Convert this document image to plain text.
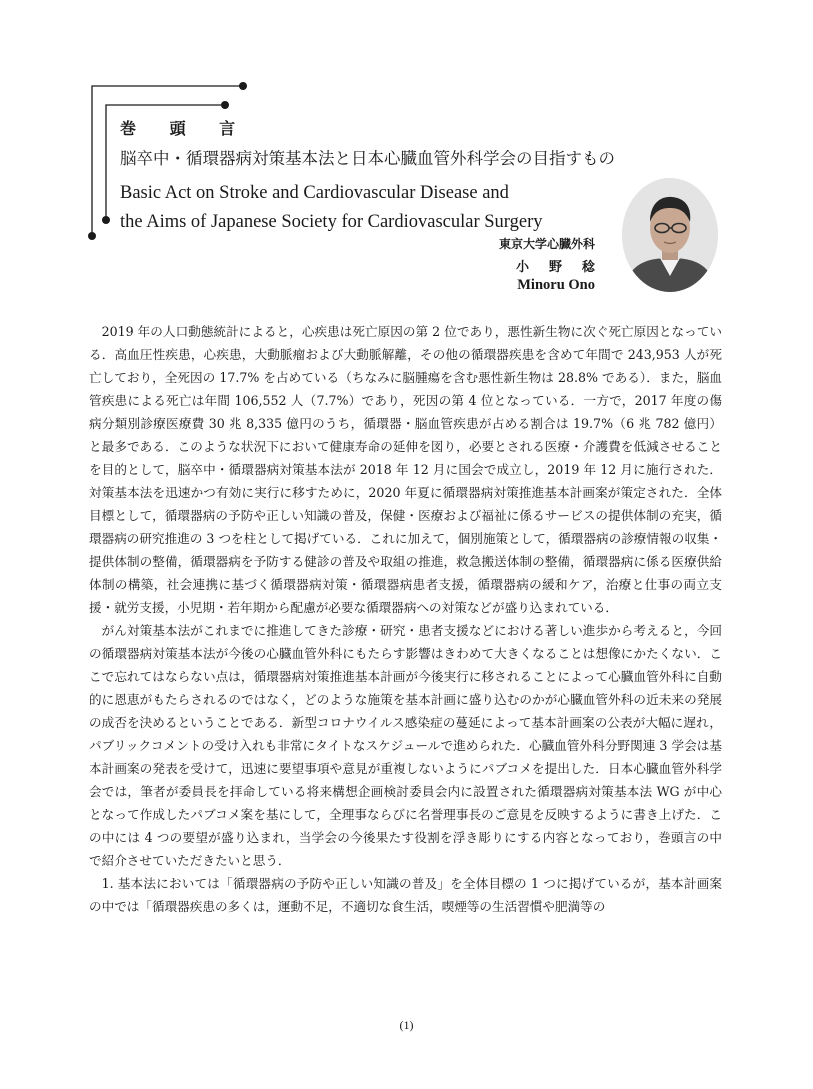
巻 頭 言

脳卒中・循環器病対策基本法と日本心臓血管外科学会の目指すもの

Basic Act on Stroke and Cardiovascular Disease and

the Aims of Japanese Society for Cardiovascular Surgery

東京大学心臓外科

小野稔

Minoru Ono

2019 年の人口動態統計によると，心疾患は死亡原因の第 2 位であり，悪性新生物に次ぐ死亡原因となっている．高血圧性疾患，心疾患，大動脈瘤および大動脈解離，その他の循環器疾患を含めて年間で 243,953 人が死亡しており，全死因の 17.7% を占めている（ちなみに脳腫瘍を含む悪性新生物は 28.8% である）．また，脳血管疾患による死亡は年間 106,552 人（7.7%）であり，死因の第 4 位となっている．一方で，2017 年度の傷病分類別診療医療費 30 兆 8,335 億円のうち，循環器・脳血管疾患が占める割合は 19.7%（6 兆 782 億円）と最多である．このような状況下において健康寿命の延伸を図り，必要とされる医療・介護費を低減させることを目的として，脳卒中・循環器病対策基本法が 2018 年 12 月に国会で成立し，2019 年 12 月に施行された．対策基本法を迅速かつ有効に実行に移すために，2020 年夏に循環器病対策推進基本計画案が策定された．全体目標として，循環器病の予防や正しい知識の普及，保健・医療および福祉に係るサービスの提供体制の充実，循環器病の研究推進の 3 つを柱として掲げている．これに加えて，個別施策として，循環器病の診療情報の収集・提供体制の整備，循環器病を予防する健診の普及や取組の推進，救急搬送体制の整備，循環器病に係る医療供給体制の構築，社会連携に基づく循環器病対策・循環器病患者支援，循環器病の緩和ケア，治療と仕事の両立支援・就労支援，小児期・若年期から配慮が必要な循環器病への対策などが盛り込まれている．

がん対策基本法がこれまでに推進してきた診療・研究・患者支援などにおける著しい進歩から考えると，今回の循環器病対策基本法が今後の心臓血管外科にもたらす影響はきわめて大きくなることは想像にかたくない．ここで忘れてはならない点は，循環器病対策推進基本計画が今後実行に移されることによって心臓血管外科に自動的に恩恵がもたらされるのではなく，どのような施策を基本計画に盛り込むのかが心臓血管外科の近未来の発展の成否を決めるということである．新型コロナウイルス感染症の蔓延によって基本計画案の公表が大幅に遅れ，パブリックコメントの受け入れも非常にタイトなスケジュールで進められた．心臓血管外科分野関連 3 学会は基本計画案の発表を受けて，迅速に要望事項や意見が重複しないようにパブコメを提出した．日本心臓血管外科学会では，筆者が委員長を拝命している将来構想企画検討委員会内に設置された循環器病対策基本法 WG が中心となって作成したパブコメ案を基にして，全理事ならびに名誉理事長のご意見を反映するように書き上げた．この中には 4 つの要望が盛り込まれ，当学会の今後果たす役割を浮き彫りにする内容となっており，巻頭言の中で紹介させていただきたいと思う．

1. 基本法においては「循環器病の予防や正しい知識の普及」を全体目標の 1 つに掲げているが，基本計画案の中では「循環器疾患の多くは，運動不足，不適切な食生活，喫煙等の生活習慣や肥満等の

(1)
